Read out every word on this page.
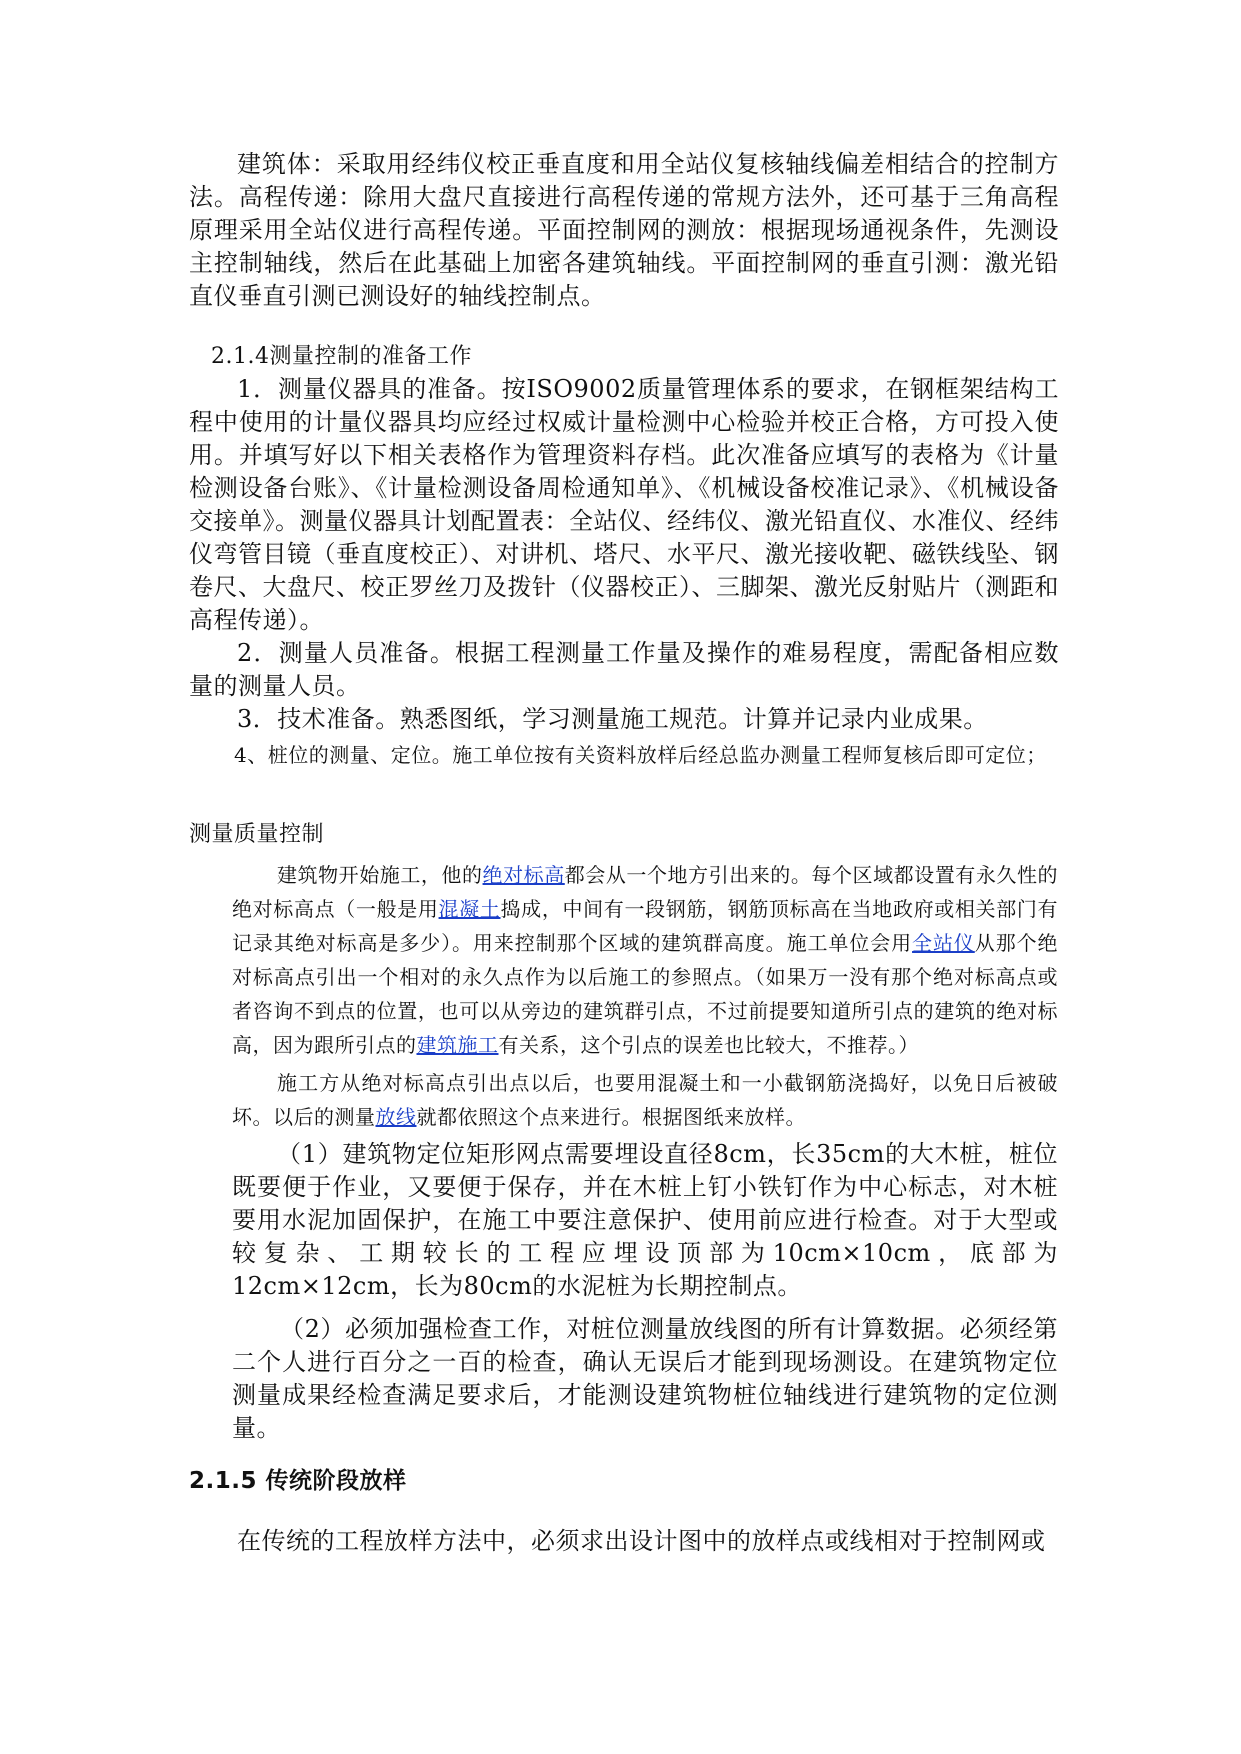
建筑体：采取用经纬仪校正垂直度和用全站仪复核轴线偏差相结合的控制方法。高程传递：除用大盘尺直接进行高程传递的常规方法外，还可基于三角高程原理采用全站仪进行高程传递。平面控制网的测放：根据现场通视条件，先测设主控制轴线，然后在此基础上加密各建筑轴线。平面控制网的垂直引测：激光铅直仪垂直引测已测设好的轴线控制点。

2.1.4测量控制的准备工作

1．测量仪器具的准备。按ISO9002质量管理体系的要求，在钢框架结构工程中使用的计量仪器具均应经过权威计量检测中心检验并校正合格，方可投入使用。并填写好以下相关表格作为管理资料存档。此次准备应填写的表格为《计量检测设备台账》、《计量检测设备周检通知单》、《机械设备校准记录》、《机械设备交接单》。测量仪器具计划配置表：全站仪、经纬仪、激光铅直仪、水准仪、经纬仪弯管目镜（垂直度校正）、对讲机、塔尺、水平尺、激光接收靶、磁铁线坠、钢卷尺、大盘尺、校正罗丝刀及拨针（仪器校正）、三脚架、激光反射贴片（测距和高程传递）。

2．测量人员准备。根据工程测量工作量及操作的难易程度，需配备相应数量的测量人员。

3．技术准备。熟悉图纸，学习测量施工规范。计算并记录内业成果。

4、桩位的测量、定位。施工单位按有关资料放样后经总监办测量工程师复核后即可定位；

测量质量控制

建筑物开始施工，他的绝对标高都会从一个地方引出来的。每个区域都设置有永久性的绝对标高点（一般是用混凝土捣成，中间有一段钢筋，钢筋顶标高在当地政府或相关部门有记录其绝对标高是多少）。用来控制那个区域的建筑群高度。施工单位会用全站仪从那个绝对标高点引出一个相对的永久点作为以后施工的参照点。（如果万一没有那个绝对标高点或者咨询不到点的位置，也可以从旁边的建筑群引点，不过前提要知道所引点的建筑的绝对标高，因为跟所引点的建筑施工有关系，这个引点的误差也比较大，不推荐。）

施工方从绝对标高点引出点以后，也要用混凝土和一小截钢筋浇捣好，以免日后被破坏。以后的测量放线就都依照这个点来进行。根据图纸来放样。

（1）建筑物定位矩形网点需要埋设直径8cm，长35cm的大木桩，桩位既要便于作业，又要便于保存，并在木桩上钉小铁钉作为中心标志，对木桩要用水泥加固保护，在施工中要注意保护、使用前应进行检查。对于大型或较复杂、工期较长的工程应埋设顶部为10cm×10cm，底部为12cm×12cm，长为80cm的水泥桩为长期控制点。

（2）必须加强检查工作，对桩位测量放线图的所有计算数据。必须经第二个人进行百分之一百的检查，确认无误后才能到现场测设。在建筑物定位测量成果经检查满足要求后，才能测设建筑物桩位轴线进行建筑物的定位测量。

2.1.5 传统阶段放样

在传统的工程放样方法中，必须求出设计图中的放样点或线相对于控制网或
